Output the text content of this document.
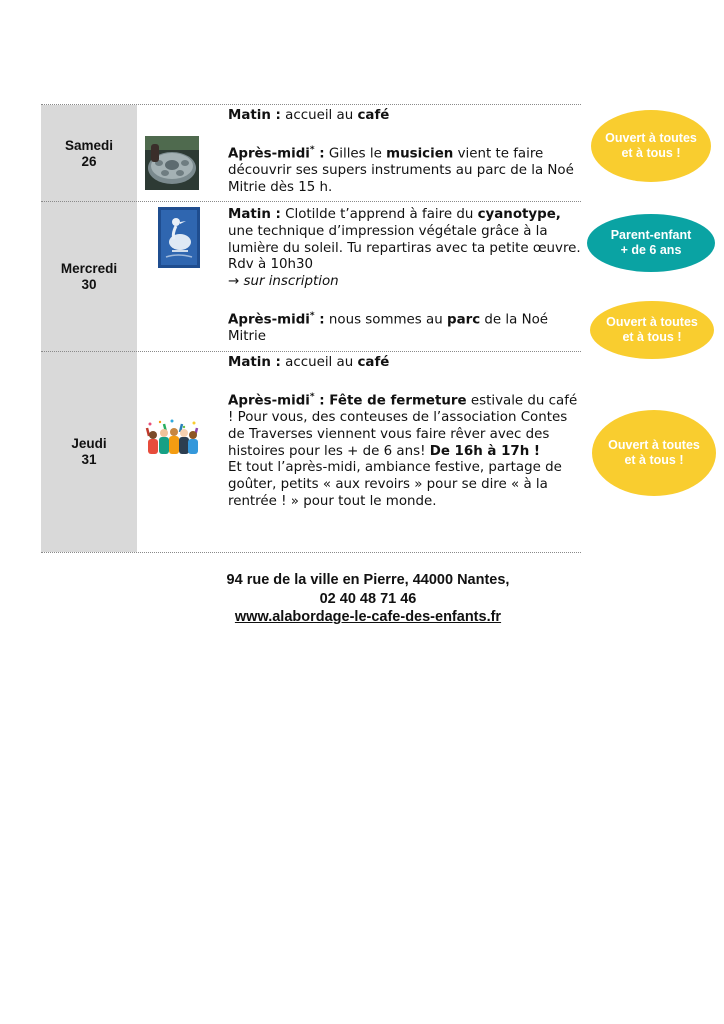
Samedi
26

Matin : accueil au café

Après-midi* : Gilles le musicien vient te faire découvrir ses supers instruments au parc de la Noé Mitrie dès 15 h.

Mercredi
30

Matin : Clotilde t’apprend à faire du cyanotype, une technique d’impression végétale grâce à la lumière du soleil. Tu repartiras avec ta petite œuvre. Rdv à 10h30
→ sur inscription

Après-midi* : nous sommes au parc de la Noé Mitrie

Jeudi
31

Matin : accueil au café

Après-midi* : Fête de fermeture estivale du café ! Pour vous, des conteuses de l’association Contes de Traverses viennent vous faire rêver avec des histoires pour les + de 6 ans! De 16h à 17h !
Et tout l’après-midi, ambiance festive, partage de goûter, petits « aux revoirs » pour se dire « à la rentrée ! » pour tout le monde.

Ouvert à toutes
et à tous !
Parent-enfant
+ de 6 ans
Ouvert à toutes
et à tous !
Ouvert à toutes
et à tous !
94 rue de la ville en Pierre, 44000 Nantes,
02 40 48 71 46
www.alabordage-le-cafe-des-enfants.fr
